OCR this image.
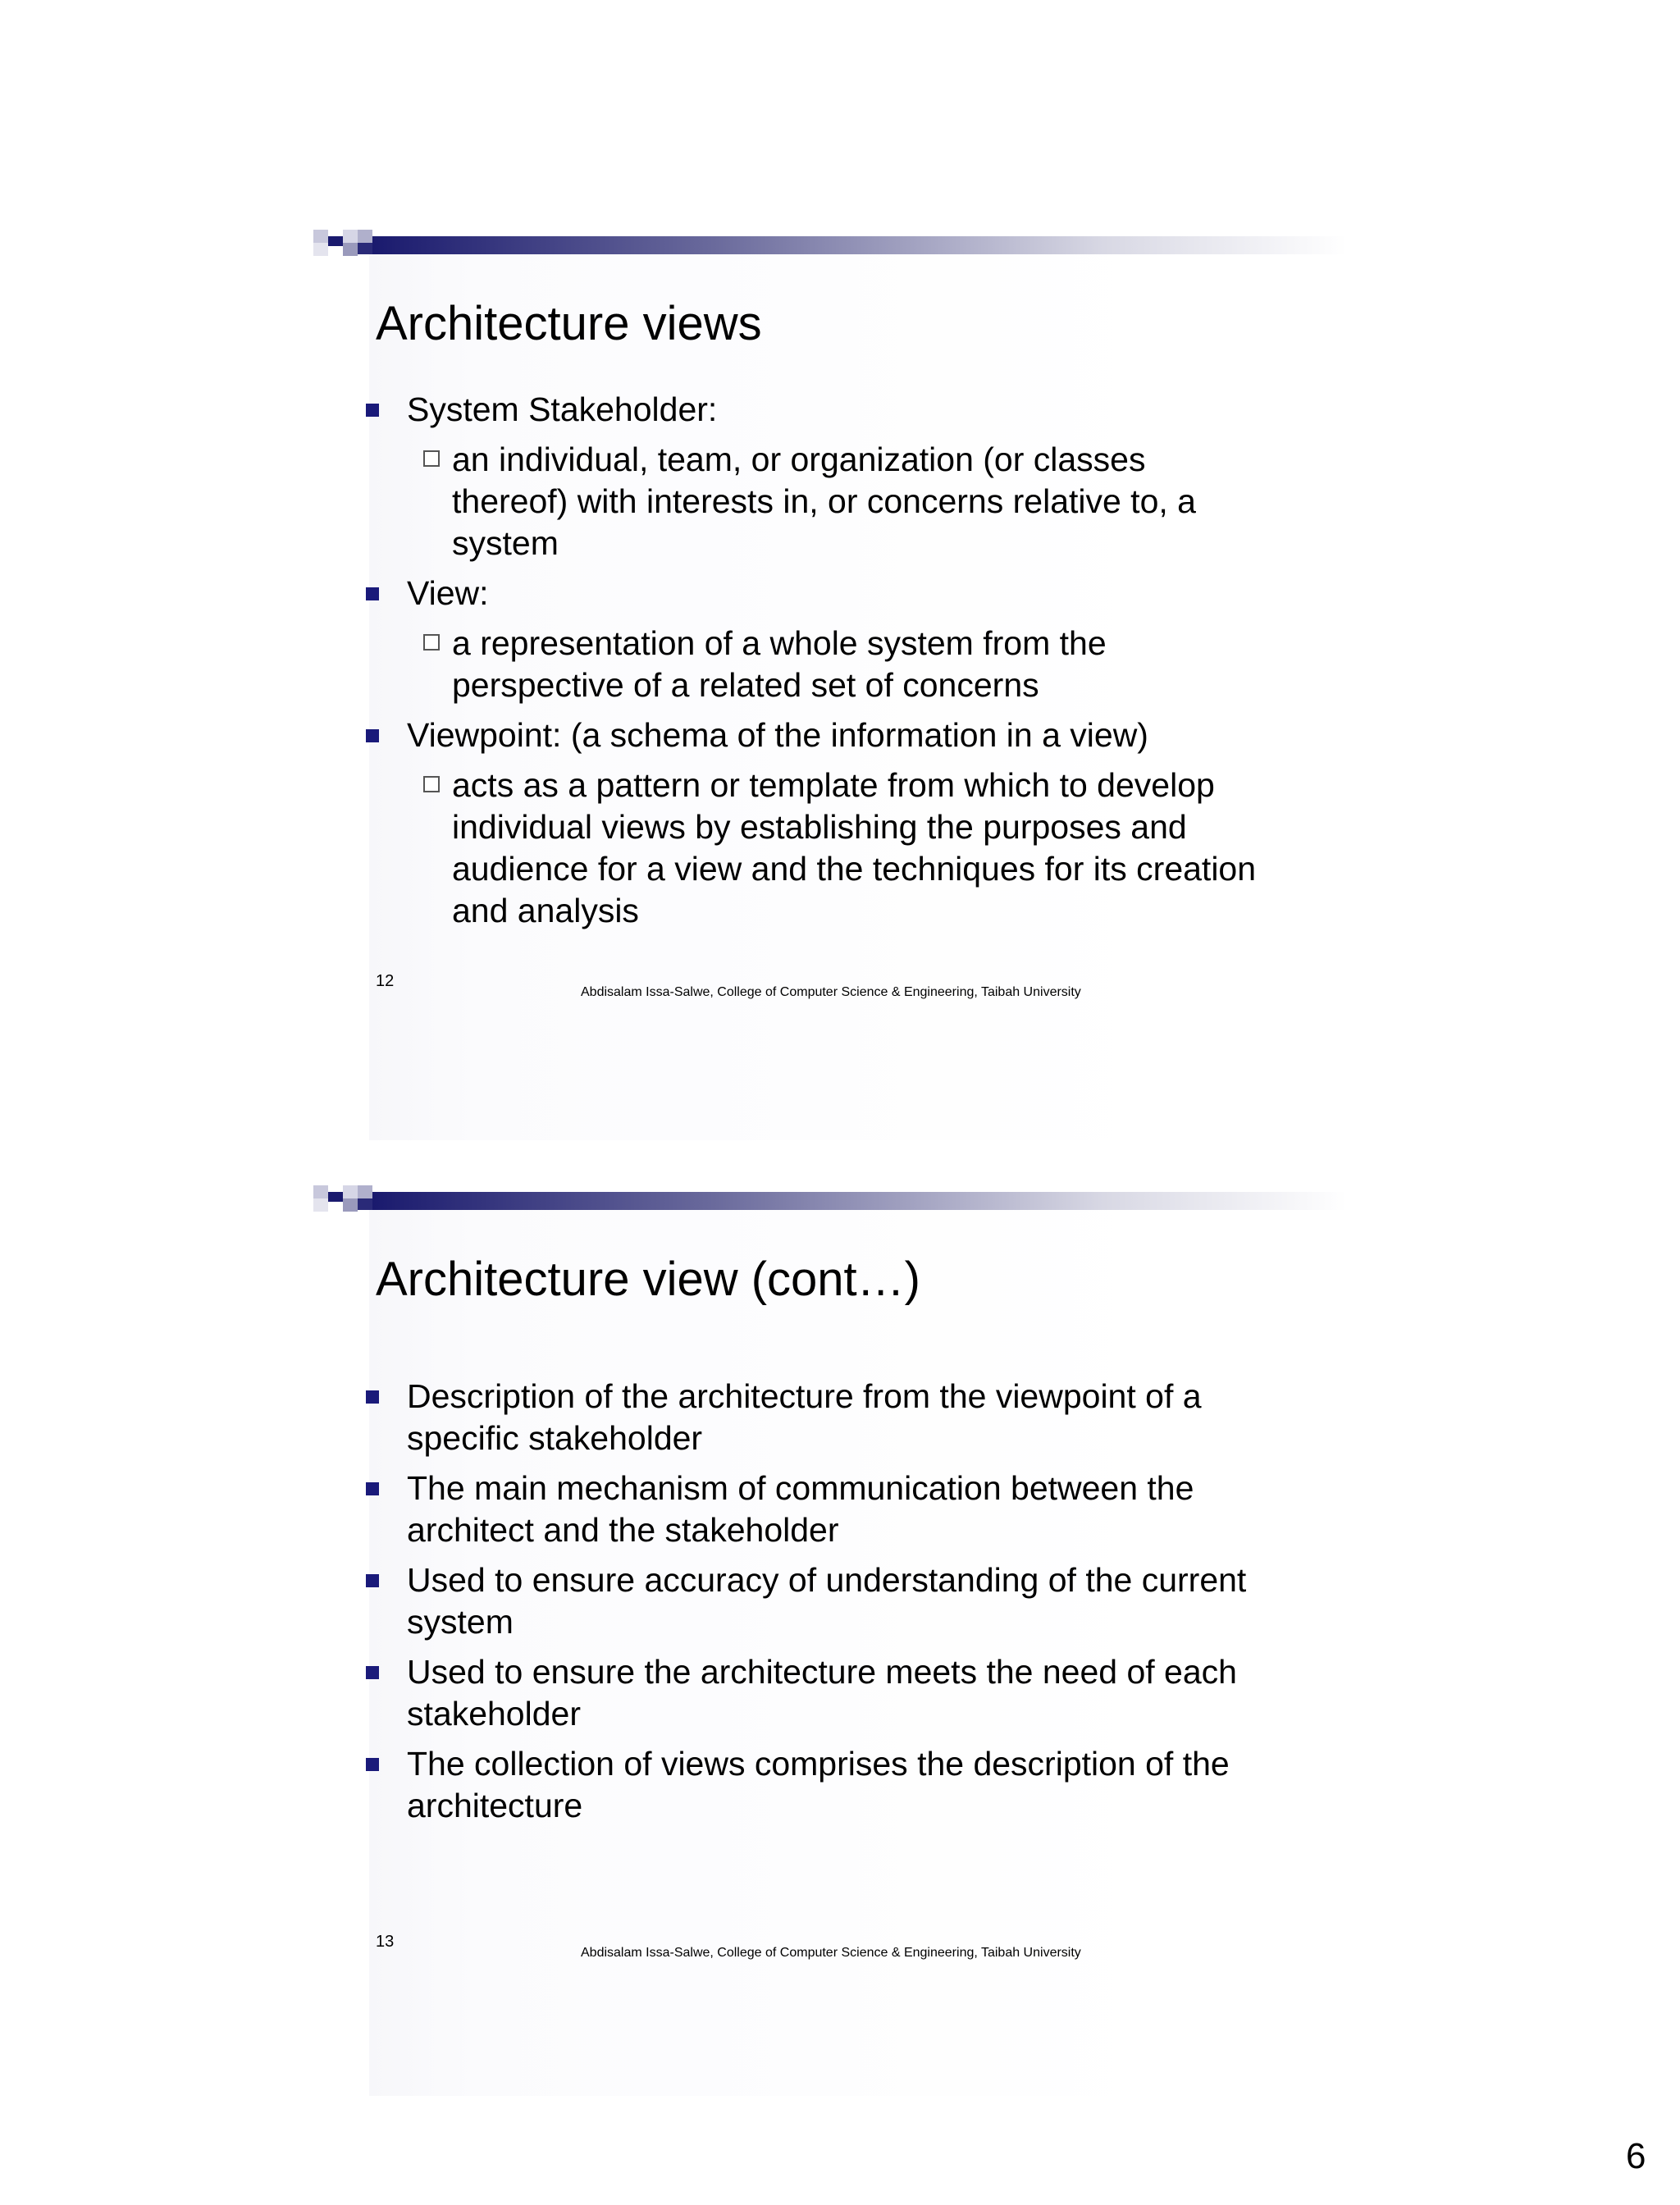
Architecture views
System Stakeholder:
an individual, team, or organization (or classes thereof) with interests in, or concerns relative to, a system
View:
a representation of a whole system from the perspective of a related set of concerns
Viewpoint: (a schema of the information in a view)
acts as a pattern or template from which to develop individual views by establishing the purposes and audience for a view and the techniques for its creation and analysis
12
Abdisalam Issa-Salwe, College of Computer Science & Engineering, Taibah University
Architecture view (cont…)
Description of the architecture from the viewpoint of a specific stakeholder
The main mechanism of communication between the architect and the stakeholder
Used to ensure accuracy of understanding of the current system
Used to ensure the architecture meets the need of each stakeholder
The collection of views comprises the description of the architecture
13
Abdisalam Issa-Salwe, College of Computer Science & Engineering, Taibah University
6
